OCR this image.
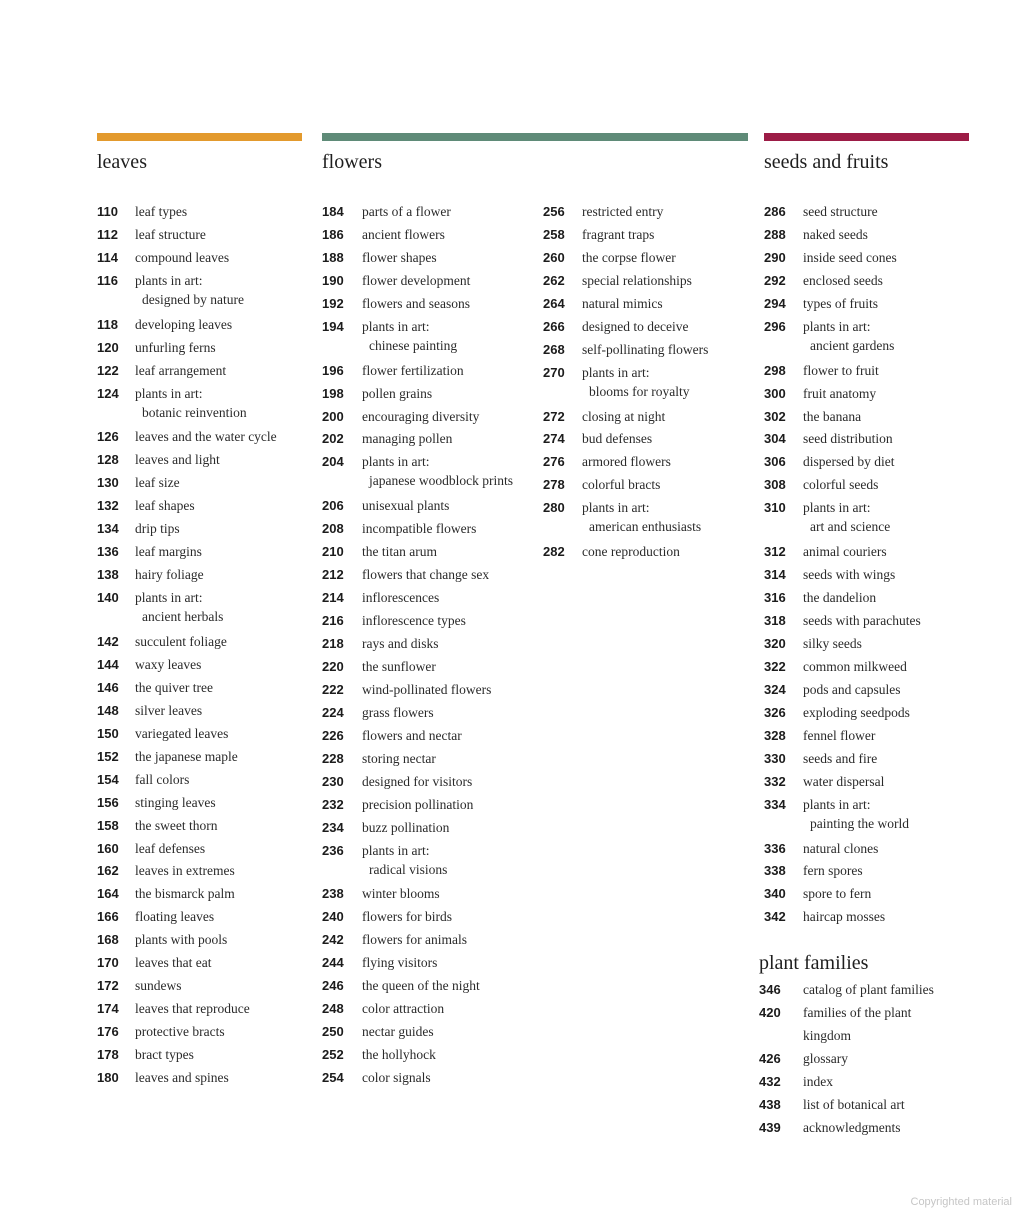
leaves	flowers	seeds and fruits
plant families
110	leaf types
112	leaf structure
114	compound leaves
116	plants in art:
designed by nature
118	developing leaves
120	unfurling ferns
122	leaf arrangement
124	plants in art:
botanic reinvention
126	leaves and the water cycle
128	leaves and light
130	leaf size
132	leaf shapes
134	drip tips
136	leaf margins
138	hairy foliage
140	plants in art:
ancient herbals
142	succulent foliage
144	waxy leaves
146	the quiver tree
148	silver leaves
150	variegated leaves
152	the japanese maple
154	fall colors
156	stinging leaves
158	the sweet thorn
160	leaf defenses
162	leaves in extremes
164	the bismarck palm
166	floating leaves
168	plants with pools
170	leaves that eat
172	sundews
174	leaves that reproduce
176	protective bracts
178	bract types
180	leaves and spines
184	parts of a flower
186	ancient flowers
188	flower shapes
190	flower development
192	flowers and seasons
194	plants in art:
chinese painting
196	flower fertilization
198	pollen grains
200	encouraging diversity
202	managing pollen
204	plants in art:
japanese woodblock prints
206	unisexual plants
208	incompatible flowers
210	the titan arum
212	flowers that change sex
214	inflorescences
216	inflorescence types
218	rays and disks
220	the sunflower
222	wind-pollinated flowers
224	grass flowers
226	flowers and nectar
228	storing nectar
230	designed for visitors
232	precision pollination
234	buzz pollination
236	plants in art:
radical visions
238	winter blooms
240	flowers for birds
242	flowers for animals
244	flying visitors
246	the queen of the night
248	color attraction
250	nectar guides
252	the hollyhock
254	color signals
256	restricted entry
258	fragrant traps
260	the corpse flower
262	special relationships
264	natural mimics
266	designed to deceive
268	self-pollinating flowers
270	plants in art:
blooms for royalty
272	closing at night
274	bud defenses
276	armored flowers
278	colorful bracts
280	plants in art:
american enthusiasts
282	cone reproduction
286	seed structure
288	naked seeds
290	inside seed cones
292	enclosed seeds
294	types of fruits
296	plants in art:
ancient gardens
298	flower to fruit
300	fruit anatomy
302	the banana
304	seed distribution
306	dispersed by diet
308	colorful seeds
310	plants in art:
art and science
312	animal couriers
314	seeds with wings
316	the dandelion
318	seeds with parachutes
320	silky seeds
322	common milkweed
324	pods and capsules
326	exploding seedpods
328	fennel flower
330	seeds and fire
332	water dispersal
334	plants in art:
painting the world
336	natural clones
338	fern spores
340	spore to fern
342	haircap mosses
346	catalog of plant families
420	families of the plant
kingdom
426	glossary
432	index
438	list of botanical art
439	acknowledgments
Copyrighted material
